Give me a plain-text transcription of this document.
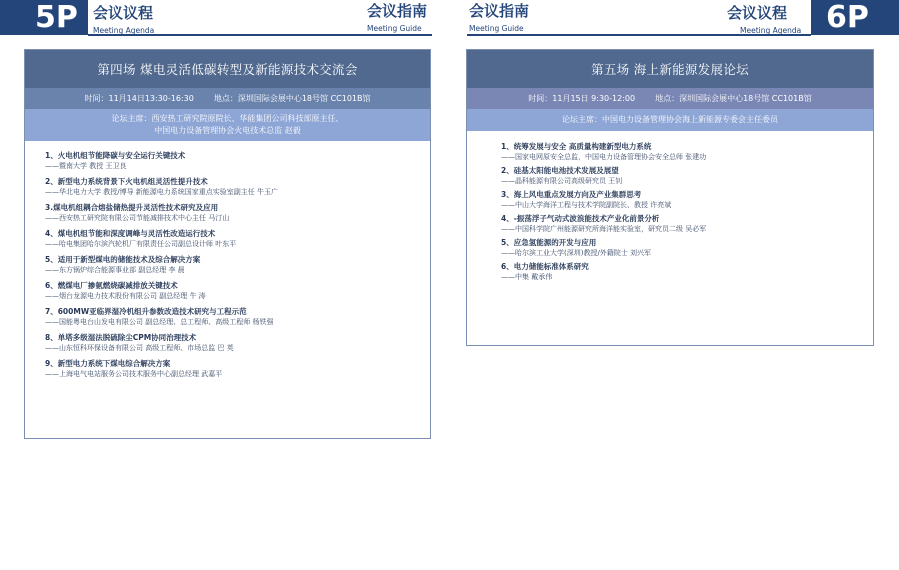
5P	会议议程
Meeting Agenda
会议指南
Meeting Guide
会议指南
Meeting Guide
会议议程
Meeting Agenda 6P
第四场 煤电灵活低碳转型及新能源技术交流会
时间：11月14日13:30-16:30	地点：深圳国际会展中心18号馆 CC101B馆
论坛主席：西安热工研究院原院长、华能集团公司科技部原主任、
中国电力设备管理协会火电技术总监 赵毅
1、火电机组节能降碳与安全运行关键技术
——暨南大学 教授 王卫良
2、新型电力系统背景下火电机组灵活性提升技术
——华北电力大学 教授/博导 新能源电力系统国家重点实验室副主任 牛玉广
3.煤电机组耦合熔盐储热提升灵活性技术研究及应用
——西安热工研究院有限公司节能减排技术中心主任 马汀山
4、煤电机组节能和深度调峰与灵活性改造运行技术
——哈电集团哈尔滨汽轮机厂有限责任公司副总设计师 叶东平
5、适用于新型煤电的储能技术及综合解决方案
——东方锅炉综合能源事业部 副总经理 李 晨
6、燃煤电厂掺氨燃烧碳减排放关键技术
——烟台龙源电力技术股份有限公司 副总经理 牛 涛
7、600MW亚临界湿冷机组升参数改造技术研究与工程示范
——国能粤电台山发电有限公司 副总经理、总工程师、高级工程师 杨铁强
8、单塔多级湿法脱硫除尘CPM协同治理技术
——山东恒科环保设备有限公司 高级工程师、市场总监 巴 英
9、新型电力系统下煤电综合解决方案
——上海电气电站服务公司技术服务中心副总经理 武嘉平
第五场 海上新能源发展论坛
时间：11月15日 9:30-12:00	地点：深圳国际会展中心18号馆 CC101B馆
论坛主席：中国电力设备管理协会海上新能源专委会主任委员
1、统筹发展与安全 高质量构建新型电力系统
——国家电网原安全总监，中国电力设备管理协会安全总师 张建功
2、硅基太阳能电池技术发展及展望
——晶科能源有限公司高级研究员 王钊
3、海上风电重点发展方向及产业集群思考
——中山大学海洋工程与技术学院副院长、教授 许亮斌
4、-振荡浮子气动式波浪能技术产业化前景分析
——中国科学院广州能源研究所海洋能实验室，研究员二级 吴必军
5、应急氢能源的开发与应用
——哈尔滨工业大学(深圳)教授/外籍院士 刘兴军
6、电力储能标准体系研究
——中集 戴承伟
